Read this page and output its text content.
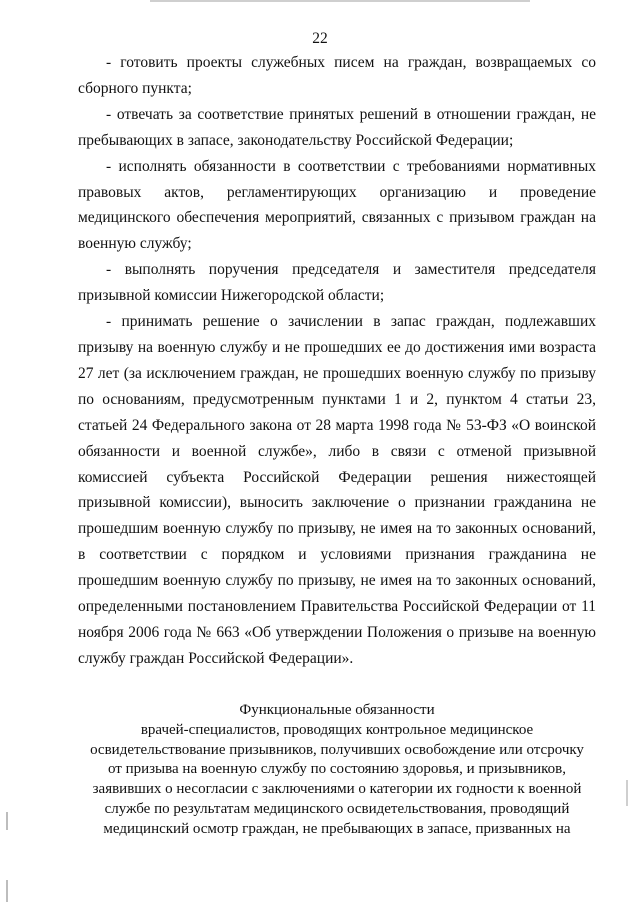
22

- готовить проекты служебных писем на граждан, возвращаемых со сборного пункта;

- отвечать за соответствие принятых решений в отношении граждан, не пребывающих в запасе, законодательству Российской Федерации;

- исполнять обязанности в соответствии с требованиями нормативных правовых актов, регламентирующих организацию и проведение медицинского обеспечения мероприятий, связанных с призывом граждан на военную службу;

- выполнять поручения председателя и заместителя председателя призывной комиссии Нижегородской области;

- принимать решение о зачислении в запас граждан, подлежавших призыву на военную службу и не прошедших ее до достижения ими возраста 27 лет (за исключением граждан, не прошедших военную службу по призыву по основаниям, предусмотренным пунктами 1 и 2, пунктом 4 статьи 23, статьей 24 Федерального закона от 28 марта 1998 года № 53-ФЗ «О воинской обязанности и военной службе», либо в связи с отменой призывной комиссией субъекта Российской Федерации решения нижестоящей призывной комиссии), выносить заключение о признании гражданина не прошедшим военную службу по призыву, не имея на то законных оснований, в соответствии с порядком и условиями признания гражданина не прошедшим военную службу по призыву, не имея на то законных оснований, определенными постановлением Правительства Российской Федерации от 11 ноября 2006 года № 663 «Об утверждении Положения о призыве на военную службу граждан Российской Федерации».

Функциональные обязанности
врачей-специалистов, проводящих контрольное медицинское
освидетельствование призывников, получивших освобождение или отсрочку
от призыва на военную службу по состоянию здоровья, и призывников,
заявивших о несогласии с заключениями о категории их годности к военной
службе по результатам медицинского освидетельствования, проводящий
медицинский осмотр граждан, не пребывающих в запасе, призванных на
